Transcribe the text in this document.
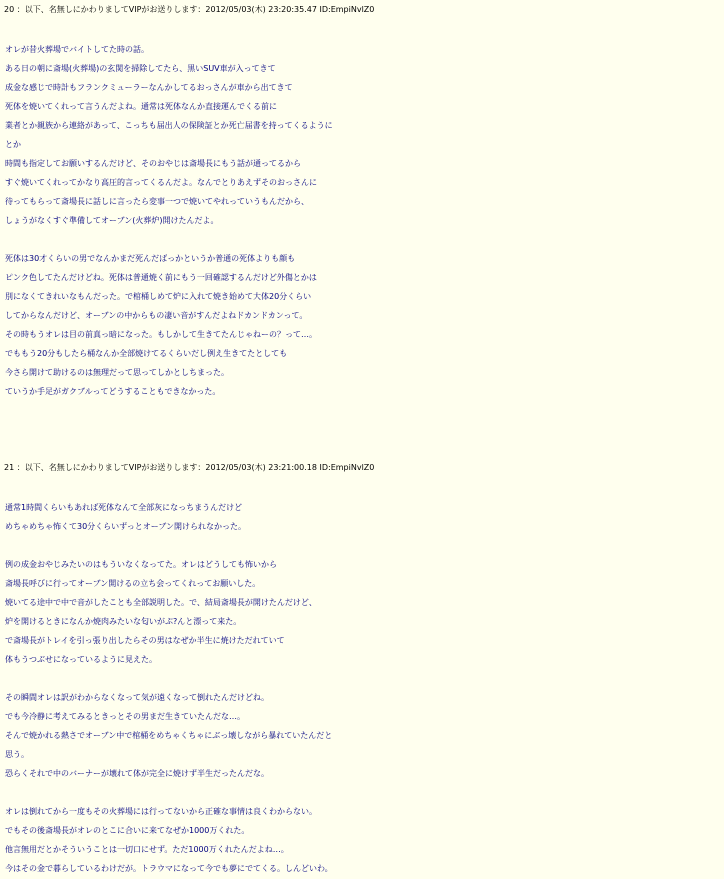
20 ：以下、名無しにかわりましてVIPがお送りします：2012/05/03(木) 23:20:35.47 ID:EmpiNvlZ0
オレが昔火葬場でバイトしてた時の話。
ある日の朝に斎場(火葬場)の玄関を掃除してたら、黒いSUV車が入ってきて
成金な感じで時計もフランクミューラーなんかしてるおっさんが車から出てきて
死体を焼いてくれって言うんだよね。通常は死体なんか直接運んでくる前に
業者とか親族から連絡があって、こっちも届出人の保険証とか死亡届書を持ってくるように
とか
時間も指定してお願いするんだけど、そのおやじは斎場長にもう話が通ってるから
すぐ焼いてくれってかなり高圧的言ってくるんだよ。なんでとりあえずそのおっさんに
待ってもらって斎場長に話しに言ったら変事一つで焼いてやれっていうもんだから、
しょうがなくすぐ準備してオーブン(火葬炉)開けたんだよ。
死体は30才くらいの男でなんかまだ死んだばっかというか普通の死体よりも顔も
ピンク色してたんだけどね。死体は普通焼く前にもう一回確認するんだけど外傷とかは
別になくてきれいなもんだった。で棺桶しめて炉に入れて焼き始めて大体20分くらい
してからなんだけど、オーブンの中からもの凄い音がすんだよねドカンドカンって。
その時もうオレは目の前真っ暗になった。もしかして生きてたんじゃねーの？って…。
でももう20分もしたら桶なんか全部焼けてるくらいだし例え生きてたとしても
今さら開けて助けるのは無理だって思ってしかとしちまった。
ていうか手足がガクブルってどうすることもできなかった。
21 ：以下、名無しにかわりましてVIPがお送りします：2012/05/03(木) 23:21:00.18 ID:EmpiNvlZ0
通常1時間くらいもあれば死体なんて全部灰になっちまうんだけど
めちゃめちゃ怖くて30分くらいずっとオーブン開けられなかった。
例の成金おやじみたいのはもういなくなってた。オレはどうしても怖いから
斎場長呼びに行ってオーブン開けるの立ち会ってくれってお願いした。
焼いてる途中で中で音がしたことも全部説明した。で、結局斎場長が開けたんだけど、
炉を開けるときになんか焼肉みたいな匂いがぷ?んと漂って来た。
で斎場長がトレイを引っ張り出したらその男はなぜか半生に焼けただれていて
体もうつぶせになっているように見えた。
その瞬間オレは訳がわからなくなって気が遠くなって倒れたんだけどね。
でも今冷静に考えてみるときっとその男まだ生きていたんだな…。
そんで焼かれる熱さでオーブン中で棺桶をめちゃくちゃにぶっ壊しながら暴れていたんだと
思う。
恐らくそれで中のバーナーが壊れて体が完全に焼けず半生だったんだな。
オレは倒れてから一度もその火葬場には行ってないから正確な事情は良くわからない。
でもその後斎場長がオレのとこに合いに来てなぜか1000万くれた。
他言無用だとかそういうことは一切口にせず。ただ1000万くれたんだよね…。
今はその金で暮らしているわけだが。トラウマになって今でも夢にでてくる。しんどいわ。
